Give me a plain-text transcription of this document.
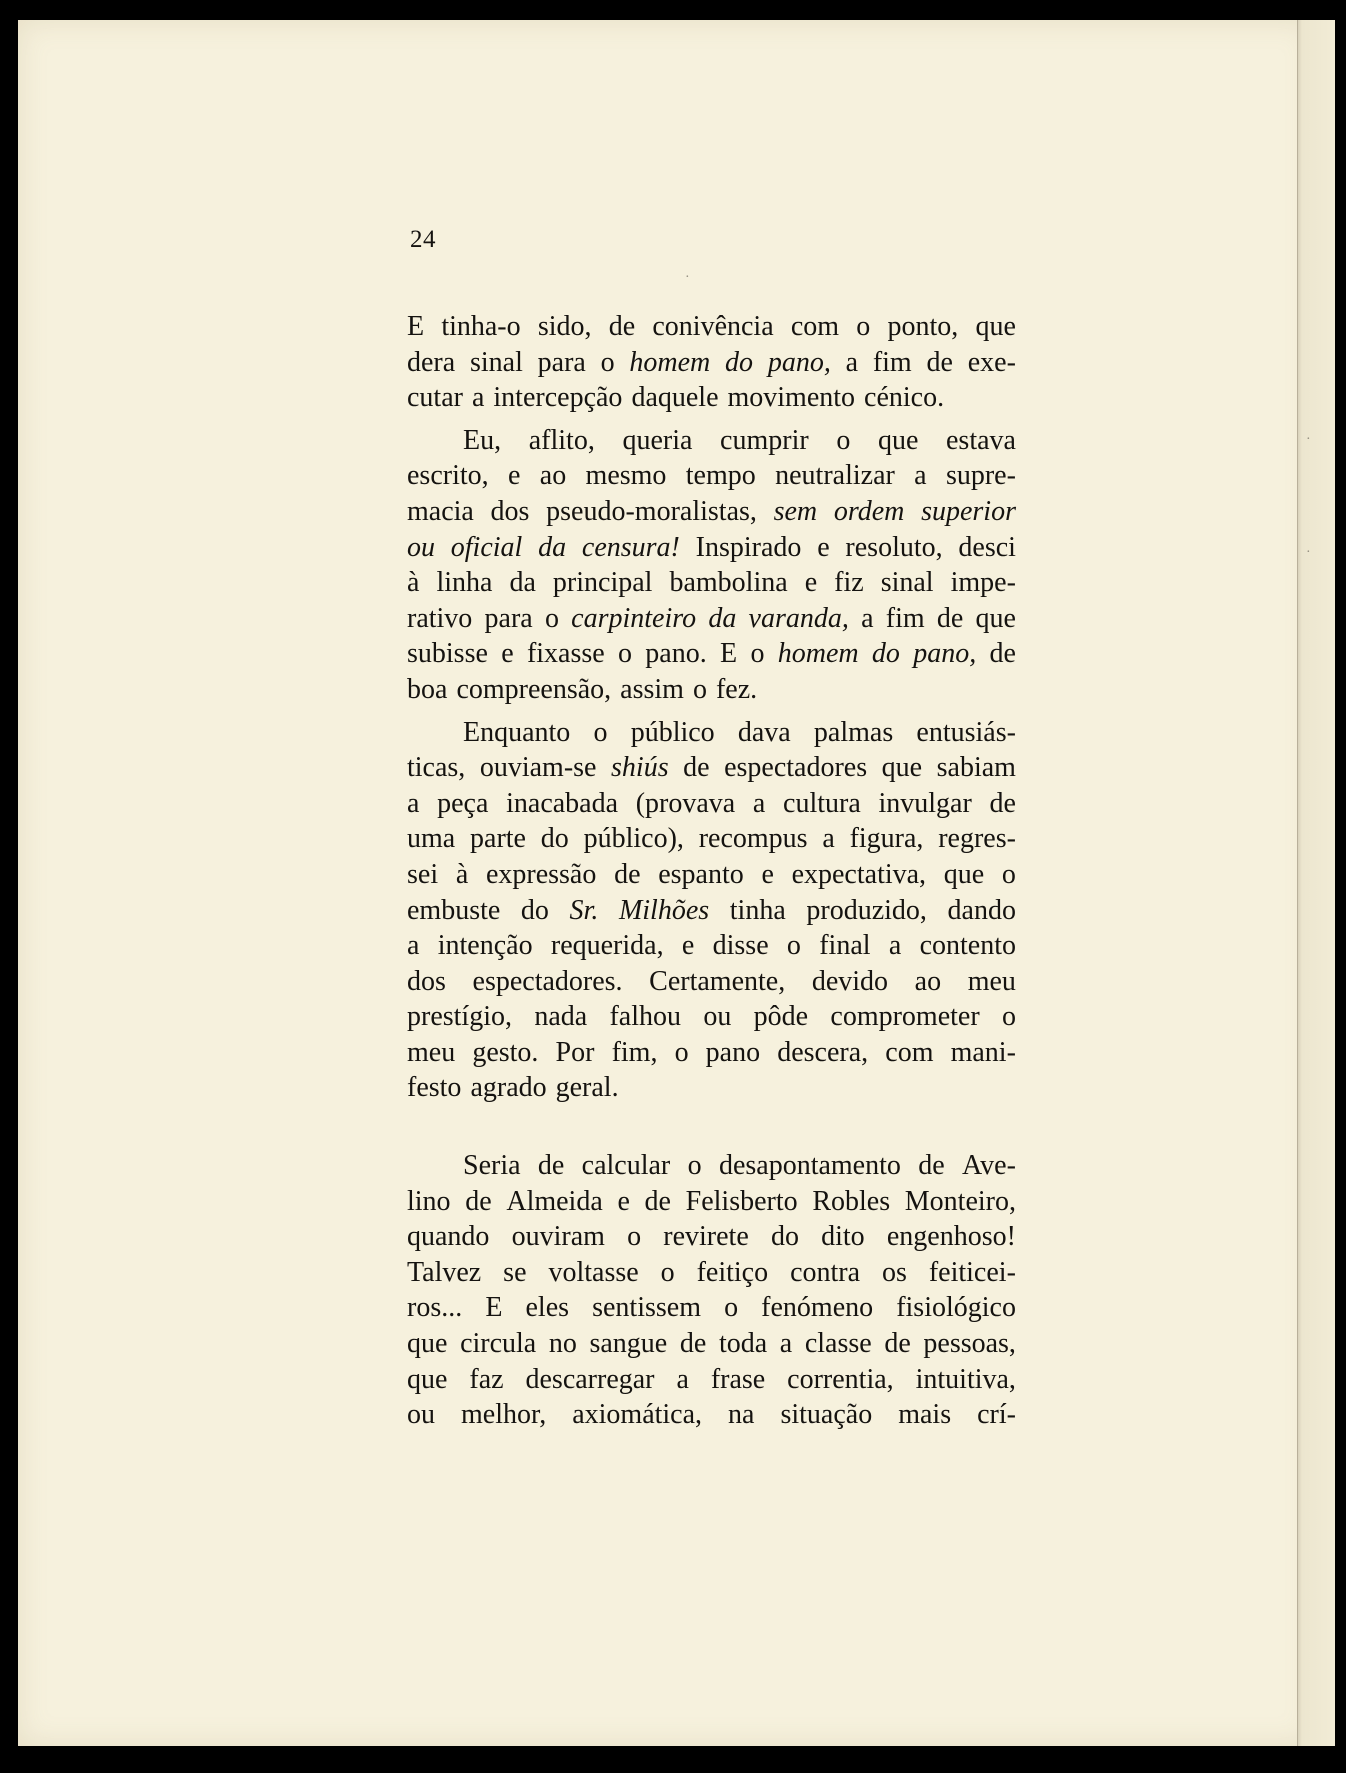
·
·
·
24
E tinha-o sido, de conivência com o ponto, que
dera sinal para o homem do pano, a fim de exe-
cutar a intercepção daquele movimento cénico.
Eu, aflito, queria cumprir o que estava
escrito, e ao mesmo tempo neutralizar a supre-
macia dos pseudo-moralistas, sem ordem superior
ou oficial da censura! Inspirado e resoluto, desci
à linha da principal bambolina e fiz sinal impe-
rativo para o carpinteiro da varanda, a fim de que
subisse e fixasse o pano. E o homem do pano, de
boa compreensão, assim o fez.
Enquanto o público dava palmas entusiás-
ticas, ouviam-se shiús de espectadores que sabiam
a peça inacabada (provava a cultura invulgar de
uma parte do público), recompus a figura, regres-
sei à expressão de espanto e expectativa, que o
embuste do Sr. Milhões tinha produzido, dando
a intenção requerida, e disse o final a contento
dos espectadores. Certamente, devido ao meu
prestígio, nada falhou ou pôde comprometer o
meu gesto. Por fim, o pano descera, com mani-
festo agrado geral.
Seria de calcular o desapontamento de Ave-
lino de Almeida e de Felisberto Robles Monteiro,
quando ouviram o revirete do dito engenhoso!
Talvez se voltasse o feitiço contra os feiticei-
ros... E eles sentissem o fenómeno fisiológico
que circula no sangue de toda a classe de pessoas,
que faz descarregar a frase correntia, intuitiva,
ou melhor, axiomática, na situação mais crí-
